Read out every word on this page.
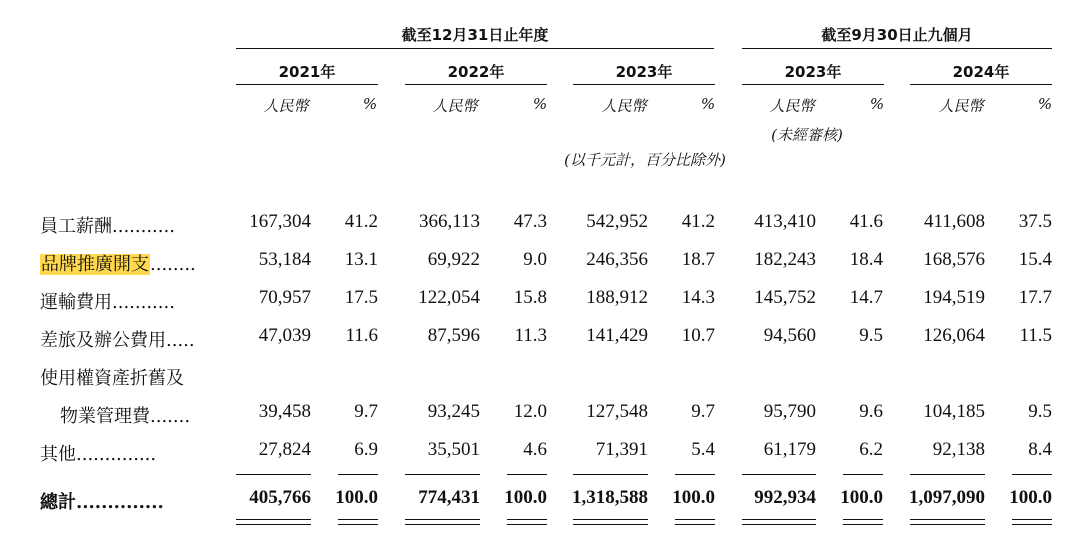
截至12月31日止年度	截至9月30日止九個月
2021年	2022年	2023年	2023年	2024年
人民幣	%	人民幣	%	人民幣	%	人民幣	%	人民幣	%
(未經審核)
(以千元計，百分比除外)
員工薪酬...........	167,304	41.2	366,113	47.3	542,952	41.2	413,410	41.6	411,608	37.5
品牌推廣開支........	53,184	13.1	69,922	9.0	246,356	18.7	182,243	18.4	168,576	15.4
運輸費用...........	70,957	17.5	122,054	15.8	188,912	14.3	145,752	14.7	194,519	17.7
差旅及辦公費用.....	47,039	11.6	87,596	11.3	141,429	10.7	94,560	9.5	126,064	11.5
使用權資產折舊及
物業管理費.......	39,458	9.7	93,245	12.0	127,548	9.7	95,790	9.6	104,185	9.5
其他..............	27,824	6.9	35,501	4.6	71,391	5.4	61,179	6.2	92,138	8.4
總計..............	405,766	100.0	774,431	100.0	1,318,588	100.0	992,934	100.0	1,097,090	100.0
